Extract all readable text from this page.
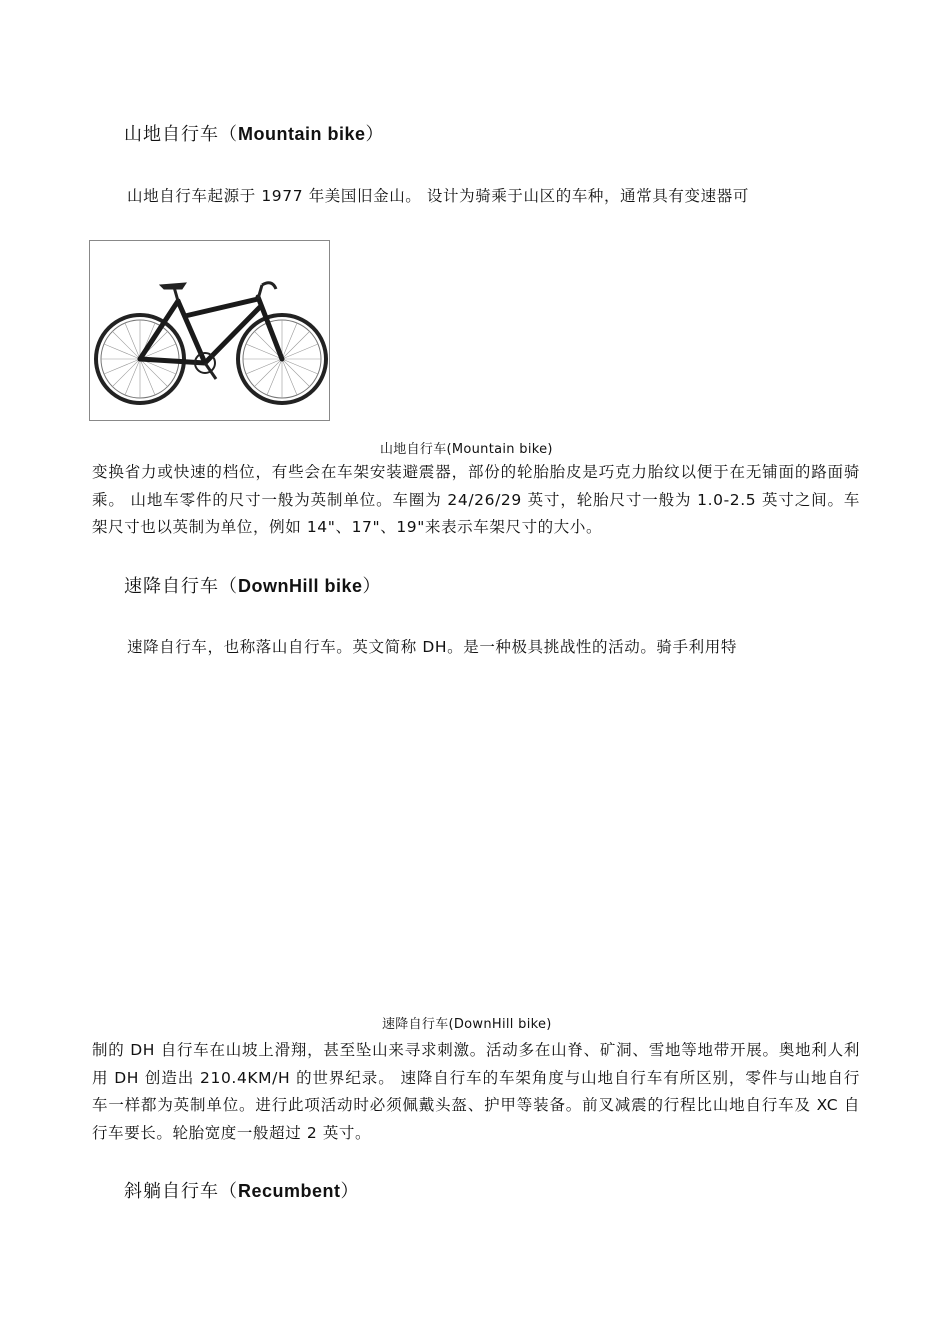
山地自行车（Mountain bike）
山地自行车起源于 1977 年美国旧金山。 设计为骑乘于山区的车种，通常具有变速器可
山地自行车(Mountain bike)
变换省力或快速的档位，有些会在车架安装避震器，部份的轮胎胎皮是巧克力胎纹以便于在无铺面的路面骑乘。 山地车零件的尺寸一般为英制单位。车圈为 24/26/29 英寸，轮胎尺寸一般为 1.0-2.5 英寸之间。车架尺寸也以英制为单位，例如 14"、17"、19"来表示车架尺寸的大小。
速降自行车（DownHill bike）
速降自行车，也称落山自行车。英文简称 DH。是一种极具挑战性的活动。骑手利用特
速降自行车(DownHill bike)
制的 DH 自行车在山坡上滑翔，甚至坠山来寻求刺激。活动多在山脊、矿洞、雪地等地带开展。奥地利人利用 DH 创造出 210.4KM/H 的世界纪录。 速降自行车的车架角度与山地自行车有所区别，零件与山地自行车一样都为英制单位。进行此项活动时必须佩戴头盔、护甲等装备。前叉减震的行程比山地自行车及 XC 自行车要长。轮胎宽度一般超过 2 英寸。
斜躺自行车（Recumbent）
